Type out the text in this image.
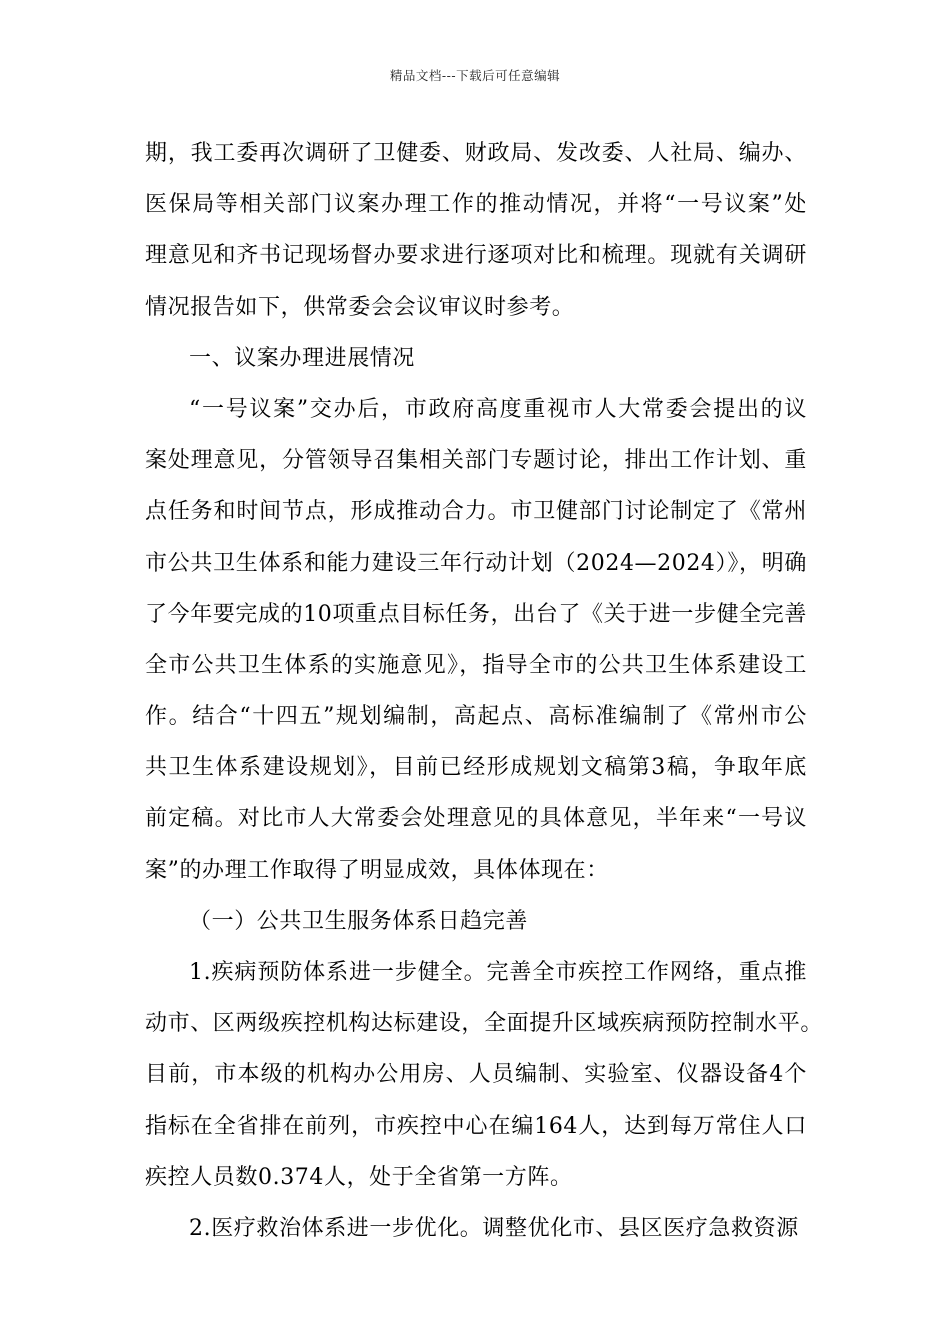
精品文档---下载后可任意编辑
期，我工委再次调研了卫健委、财政局、发改委、人社局、编办、
医保局等相关部门议案办理工作的推动情况，并将“一号议案”处
理意见和齐书记现场督办要求进行逐项对比和梳理。现就有关调研
情况报告如下，供常委会会议审议时参考。
一、议案办理进展情况
“一号议案”交办后，市政府高度重视市人大常委会提出的议
案处理意见，分管领导召集相关部门专题讨论，排出工作计划、重
点任务和时间节点，形成推动合力。市卫健部门讨论制定了《常州
市公共卫生体系和能力建设三年行动计划（2024—2024）》，明确
了今年要完成的10项重点目标任务，出台了《关于进一步健全完善
全市公共卫生体系的实施意见》，指导全市的公共卫生体系建设工
作。结合“十四五”规划编制，高起点、高标准编制了《常州市公
共卫生体系建设规划》，目前已经形成规划文稿第3稿，争取年底
前定稿。对比市人大常委会处理意见的具体意见，半年来“一号议
案”的办理工作取得了明显成效，具体体现在：
（一）公共卫生服务体系日趋完善
1.疾病预防体系进一步健全。完善全市疾控工作网络，重点推
动市、区两级疾控机构达标建设，全面提升区域疾病预防控制水平。
目前，市本级的机构办公用房、人员编制、实验室、仪器设备4个
指标在全省排在前列，市疾控中心在编164人，达到每万常住人口
疾控人员数0.374人，处于全省第一方阵。
2.医疗救治体系进一步优化。调整优化市、县区医疗急救资源
